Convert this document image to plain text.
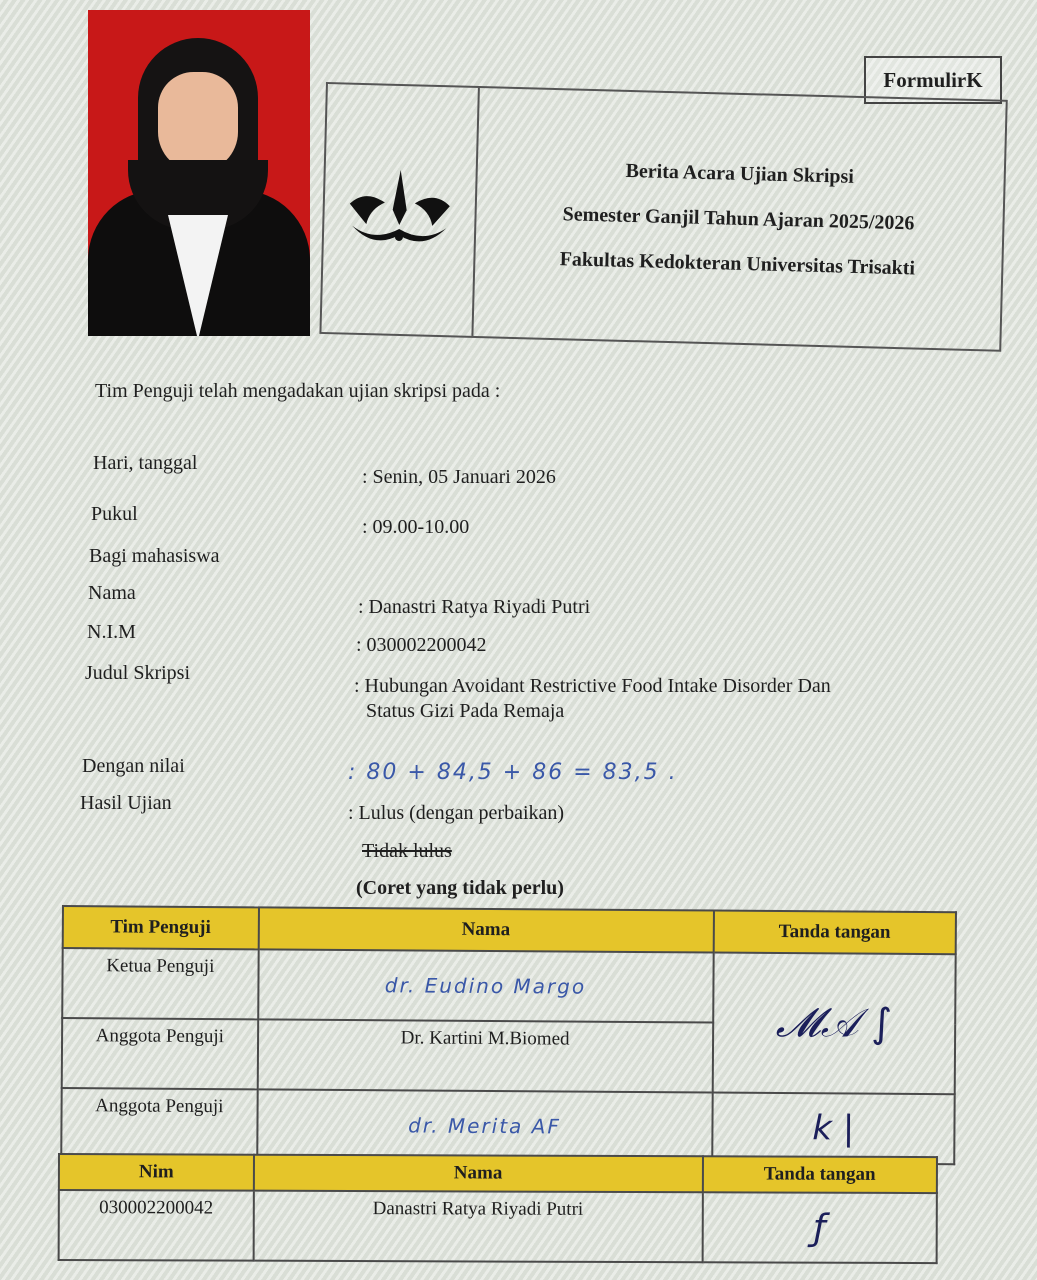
FormulirK
Berita Acara Ujian Skripsi
Semester Ganjil Tahun Ajaran 2025/2026
Fakultas Kedokteran Universitas Trisakti
Tim Penguji telah mengadakan ujian skripsi pada :
Hari, tanggal
: Senin, 05 Januari 2026
Pukul
: 09.00-10.00
Bagi mahasiswa
Nama
: Danastri Ratya Riyadi Putri
N.I.M
: 030002200042
Judul Skripsi
: Hubungan Avoidant Restrictive Food Intake Disorder Dan
Status Gizi Pada Remaja
Dengan nilai	: 80 + 84,5 + 86 = 83,5 .
Hasil Ujian	: Lulus (dengan perbaikan)
Tidak lulus
(Coret yang tidak perlu)
Tim Penguji	Nama	Tanda tangan
Ketua Penguji	dr. Eudino Margo	𝓜𝒜 ∫
Anggota Penguji	Dr. Kartini M.Biomed	
Anggota Penguji	dr. Merita AF	k |
Nim	Nama	Tanda tangan
030002200042	Danastri Ratya Riyadi Putri	ƒ
